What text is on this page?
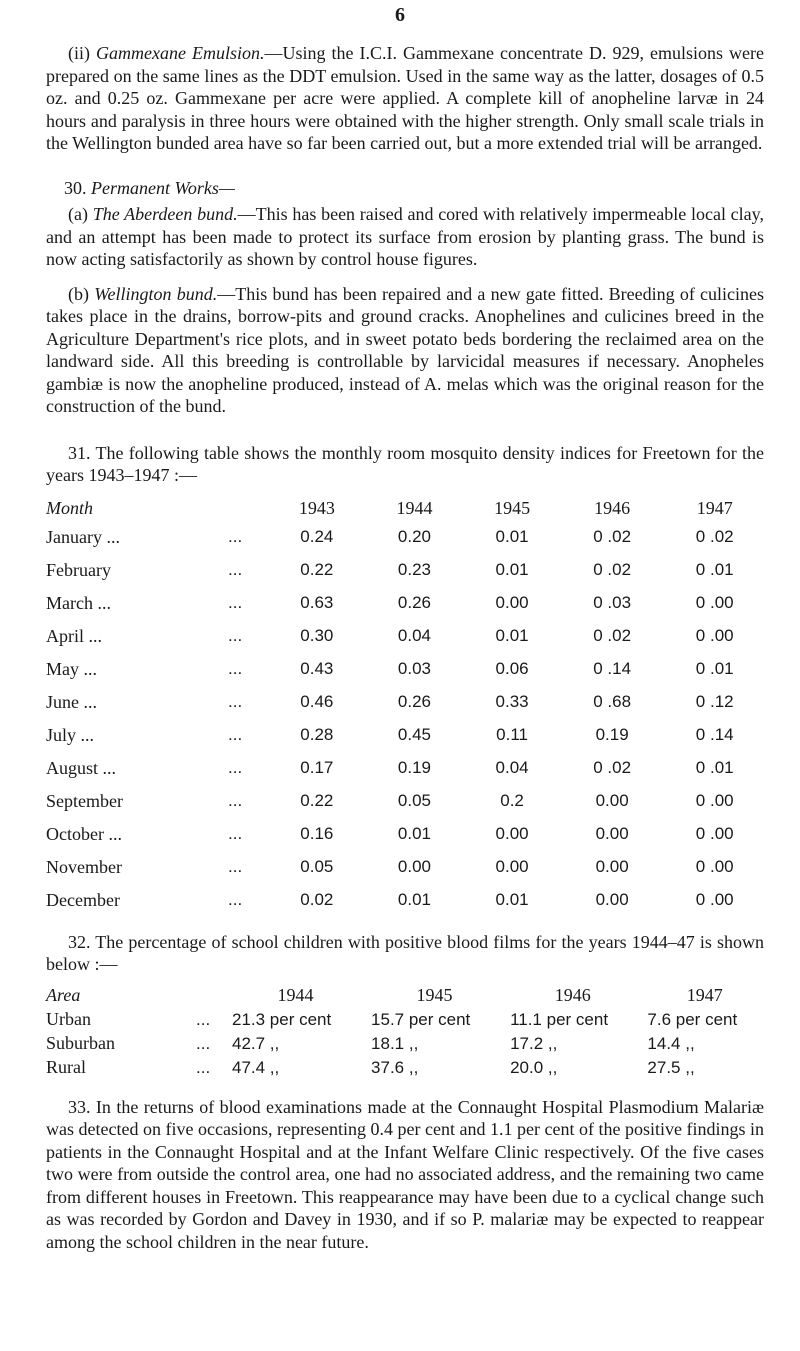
6

(ii) Gammexane Emulsion.—Using the I.C.I. Gammexane concentrate D. 929, emulsions were prepared on the same lines as the DDT emulsion. Used in the same way as the latter, dosages of 0.5 oz. and 0.25 oz. Gammexane per acre were applied. A complete kill of anopheline larvæ in 24 hours and paralysis in three hours were obtained with the higher strength. Only small scale trials in the Wellington bunded area have so far been carried out, but a more extended trial will be arranged.

30. Permanent Works—

(a) The Aberdeen bund.—This has been raised and cored with relatively impermeable local clay, and an attempt has been made to protect its surface from erosion by planting grass. The bund is now acting satisfactorily as shown by control house figures.

(b) Wellington bund.—This bund has been repaired and a new gate fitted. Breeding of culicines takes place in the drains, borrow-pits and ground cracks. Anophelines and culicines breed in the Agriculture Department's rice plots, and in sweet potato beds bordering the reclaimed area on the landward side. All this breeding is controllable by larvicidal measures if necessary. Anopheles gambiæ is now the anopheline produced, instead of A. melas which was the original reason for the construction of the bund.

31. The following table shows the monthly room mosquito density indices for Freetown for the years 1943–1947 :—

Month		1943	1944	1945	1946	1947
January ...	...	0.24	0.20	0.01	0 .02	0 .02
February	...	0.22	0.23	0.01	0 .02	0 .01
March ...	...	0.63	0.26	0.00	0 .03	0 .00
April ...	...	0.30	0.04	0.01	0 .02	0 .00
May ...	...	0.43	0.03	0.06	0 .14	0 .01
June ...	...	0.46	0.26	0.33	0 .68	0 .12
July ...	...	0.28	0.45	0.11	0.19	0 .14
August ...	...	0.17	0.19	0.04	0 .02	0 .01
September	...	0.22	0.05	0.2	0.00	0 .00
October ...	...	0.16	0.01	0.00	0.00	0 .00
November	...	0.05	0.00	0.00	0.00	0 .00
December	...	0.02	0.01	0.01	0.00	0 .00

32. The percentage of school children with positive blood films for the years 1944–47 is shown below :—

Area		1944	1945	1946	1947
Urban	...	21.3 per cent	15.7 per cent	11.1 per cent	7.6 per cent
Suburban	...	42.7 ,,	18.1 ,,	17.2 ,,	14.4 ,,
Rural	...	47.4 ,,	37.6 ,,	20.0 ,,	27.5 ,,

33. In the returns of blood examinations made at the Connaught Hospital Plasmodium Malariæ was detected on five occasions, representing 0.4 per cent and 1.1 per cent of the positive findings in patients in the Connaught Hospital and at the Infant Welfare Clinic respectively. Of the five cases two were from outside the control area, one had no associated address, and the remaining two came from different houses in Freetown. This reappearance may have been due to a cyclical change such as was recorded by Gordon and Davey in 1930, and if so P. malariæ may be expected to reappear among the school children in the near future.
